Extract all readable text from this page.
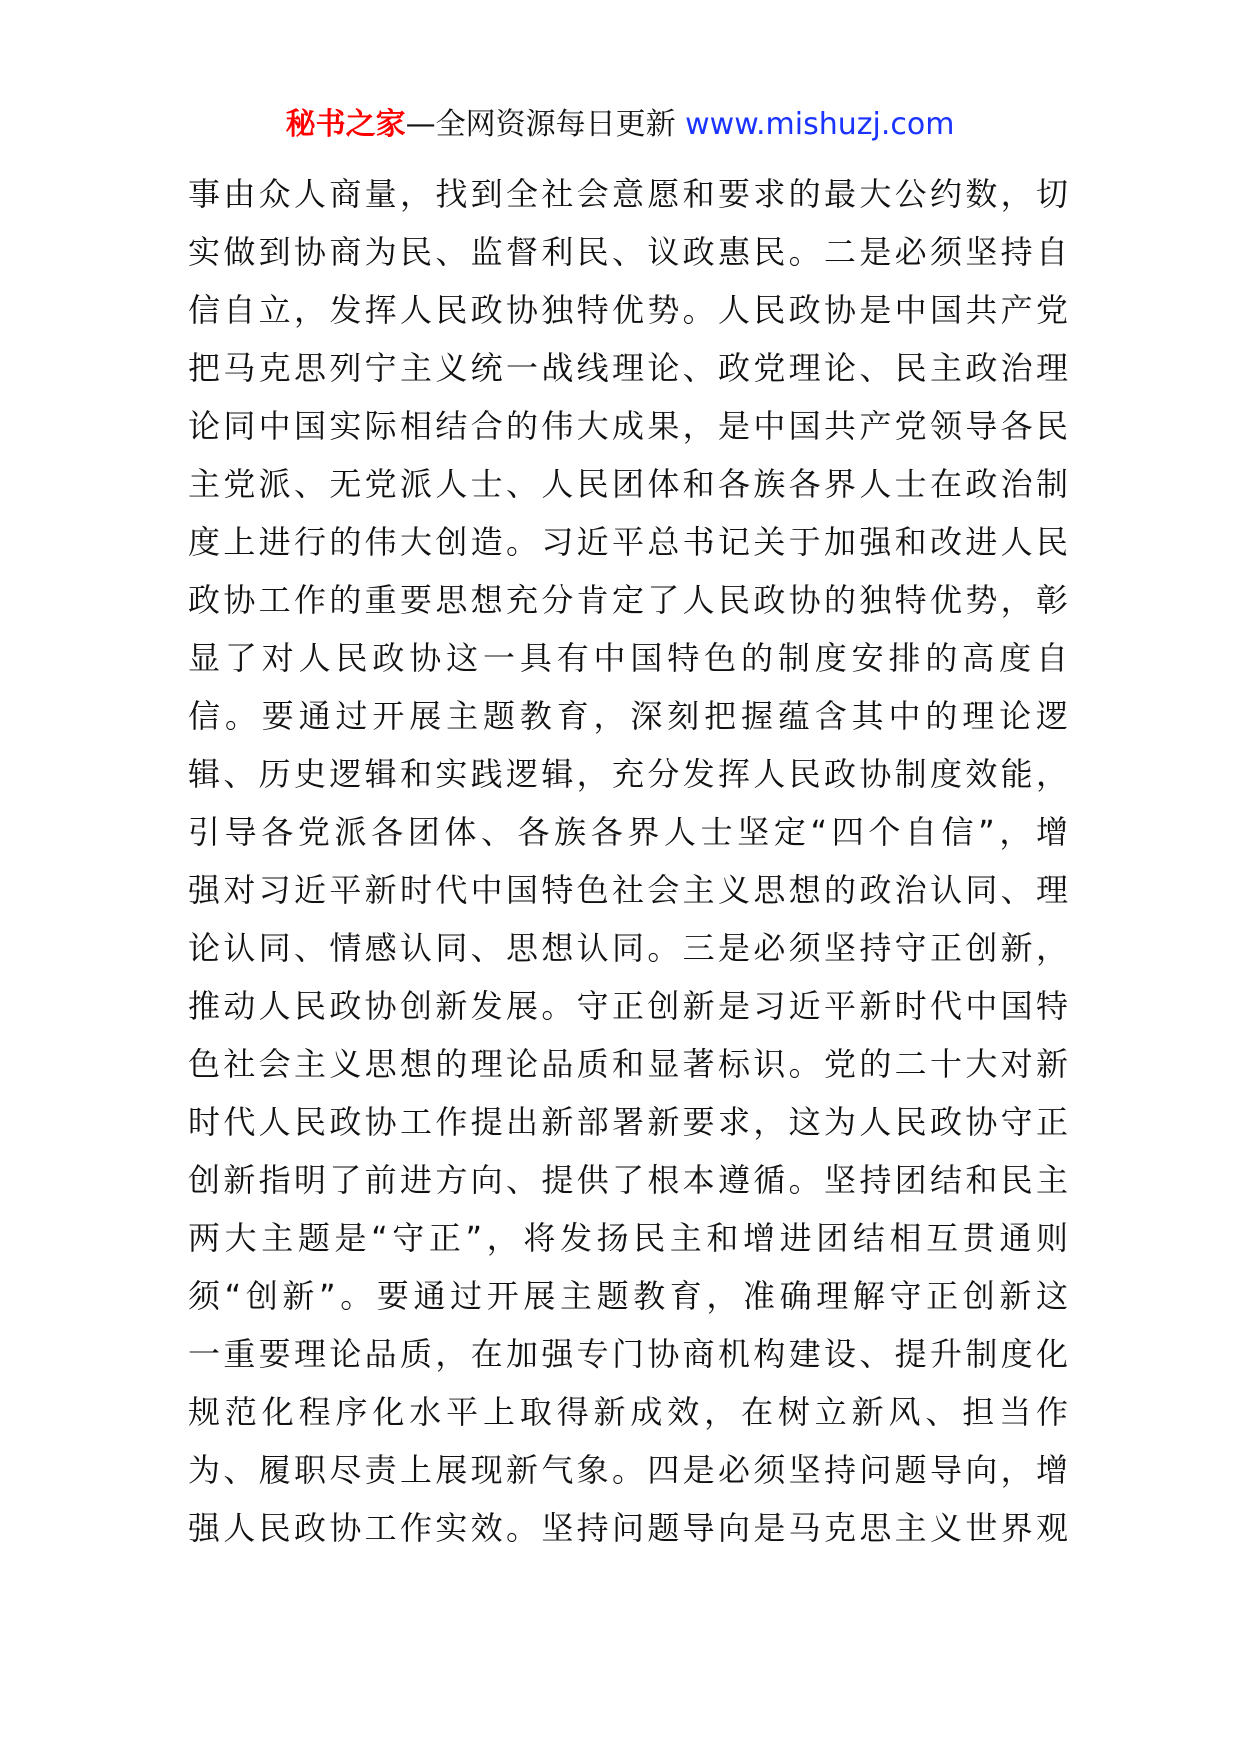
秘书之家—全网资源每日更新 www.mishuzj.com
事由众人商量，找到全社会意愿和要求的最大公约数，切
实做到协商为民、监督利民、议政惠民。二是必须坚持自
信自立，发挥人民政协独特优势。人民政协是中国共产党
把马克思列宁主义统一战线理论、政党理论、民主政治理
论同中国实际相结合的伟大成果，是中国共产党领导各民
主党派、无党派人士、人民团体和各族各界人士在政治制
度上进行的伟大创造。习近平总书记关于加强和改进人民
政协工作的重要思想充分肯定了人民政协的独特优势，彰
显了对人民政协这一具有中国特色的制度安排的高度自
信。要通过开展主题教育，深刻把握蕴含其中的理论逻
辑、历史逻辑和实践逻辑，充分发挥人民政协制度效能，
引导各党派各团体、各族各界人士坚定“四个自信”，增
强对习近平新时代中国特色社会主义思想的政治认同、理
论认同、情感认同、思想认同。三是必须坚持守正创新，
推动人民政协创新发展。守正创新是习近平新时代中国特
色社会主义思想的理论品质和显著标识。党的二十大对新
时代人民政协工作提出新部署新要求，这为人民政协守正
创新指明了前进方向、提供了根本遵循。坚持团结和民主
两大主题是“守正”，将发扬民主和增进团结相互贯通则
须“创新”。要通过开展主题教育，准确理解守正创新这
一重要理论品质，在加强专门协商机构建设、提升制度化
规范化程序化水平上取得新成效，在树立新风、担当作
为、履职尽责上展现新气象。四是必须坚持问题导向，增
强人民政协工作实效。坚持问题导向是马克思主义世界观
